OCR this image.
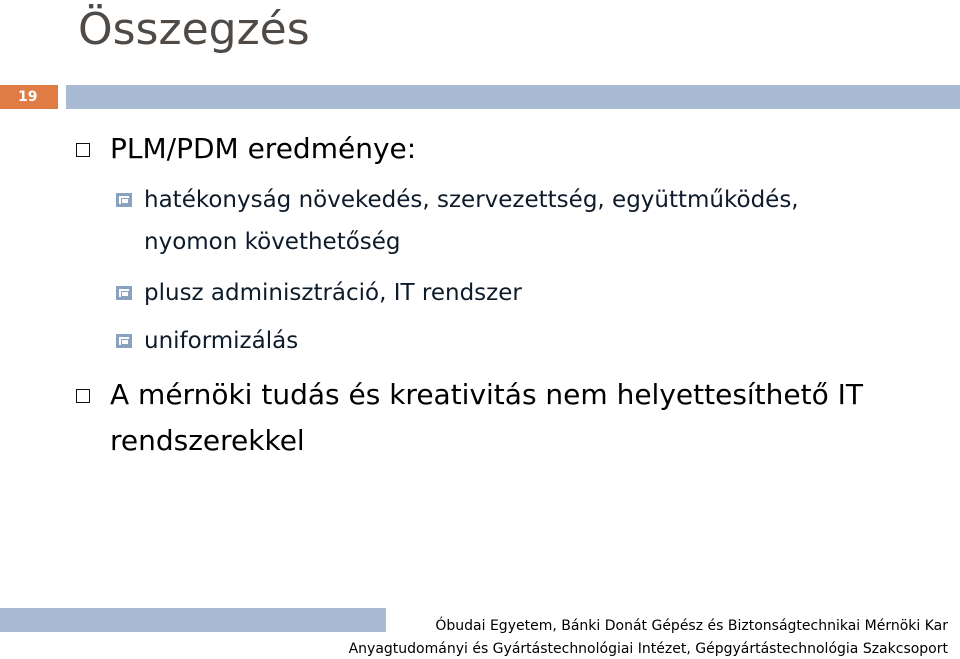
Összegzés
19
PLM/PDM eredménye:
hatékonyság növekedés, szervezettség, együttműködés,
nyomon követhetőség
plusz adminisztráció, IT rendszer
uniformizálás
A mérnöki tudás és kreativitás nem helyettesíthető IT
rendszerekkel
Óbudai Egyetem, Bánki Donát Gépész és Biztonságtechnikai Mérnöki Kar
Anyagtudományi és Gyártástechnológiai Intézet, Gépgyártástechnológia Szakcsoport
